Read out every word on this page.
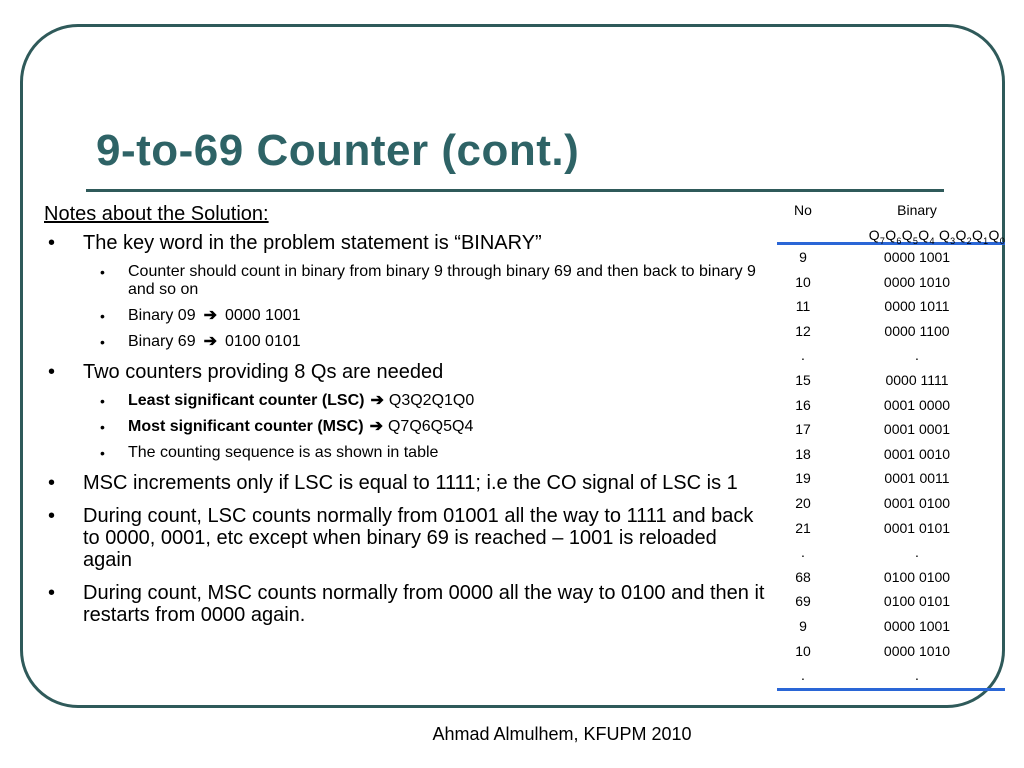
9-to-69 Counter (cont.)

Notes about the Solution:

• The key word in the problem statement is “BINARY”
• Counter should count in binary from binary 9 through binary 69 and then back to binary 9 and so on
• Binary 09 ➔ 0000 1001
• Binary 69 ➔ 0100 0101
• Two counters providing 8 Qs are needed
• Least significant counter (LSC) ➔ Q3Q2Q1Q0
• Most significant counter (MSC) ➔ Q7Q6Q5Q4
• The counting sequence is as shown in table
• MSC increments only if LSC is equal to 1111; i.e the CO signal of LSC is 1
• During count, LSC counts normally from 01001 all the way to 1111 and back to 0000, 0001, etc except when binary 69 is reached – 1001 is reloaded again
• During count, MSC counts normally from 0000 all the way to 0100 and then it restarts from 0000 again.
No	Binary
$Q_7Q_6Q_5Q_4$ $Q_3Q_2Q_1Q_0$
9	0000 1001
10	0000 1010
11	0000 1011
12	0000 1100
.	.
15	0000 1111
16	0001 0000
17	0001 0001
18	0001 0010
19	0001 0011
20	0001 0100
21	0001 0101
.	.
68	0100 0100
69	0100 0101
9	0000 1001
10	0000 1010
.	.
Ahmad Almulhem, KFUPM 2010
